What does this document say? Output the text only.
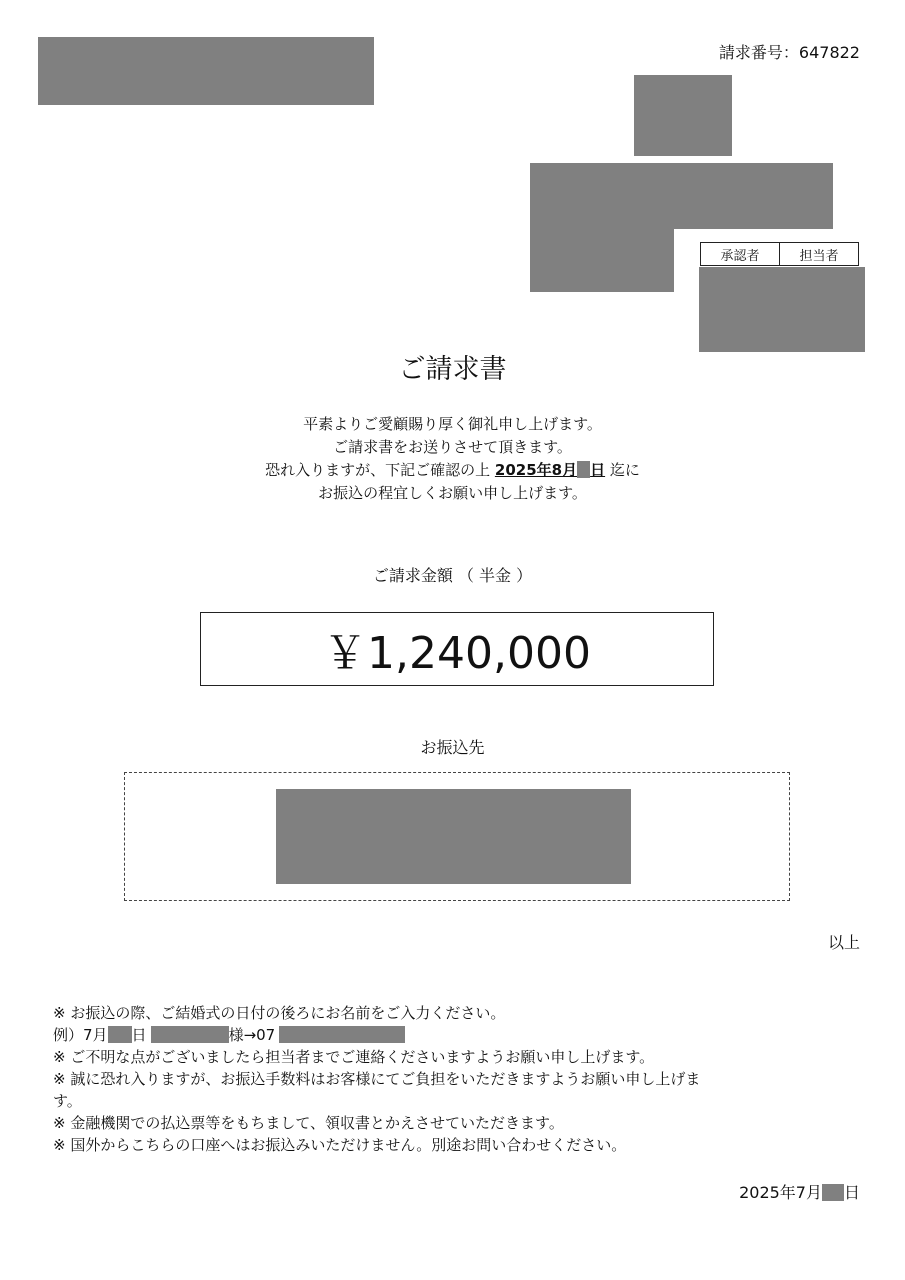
請求番号：647822
承認者	担当者
ご請求書
平素よりご愛顧賜り厚く御礼申し上げます。
ご請求書をお送りさせて頂きます。
恐れ入りますが、下記ご確認の上 2025年8月 日 迄に
お振込の程宜しくお願い申し上げます。
ご請求金額 （ 半金 ）
￥1,240,000
お振込先
以上
※ お振込の際、ご結婚式の日付の後ろにお名前をご入力ください。
例）7月 日	様→07
※ ご不明な点がございましたら担当者までご連絡くださいますようお願い申し上げます。
※ 誠に恐れ入りますが、お振込手数料はお客様にてご負担をいただきますようお願い申し上げま
す。
※ 金融機関での払込票等をもちまして、領収書とかえさせていただきます。
※ 国外からこちらの口座へはお振込みいただけません。別途お問い合わせください。
2025年7月 日
